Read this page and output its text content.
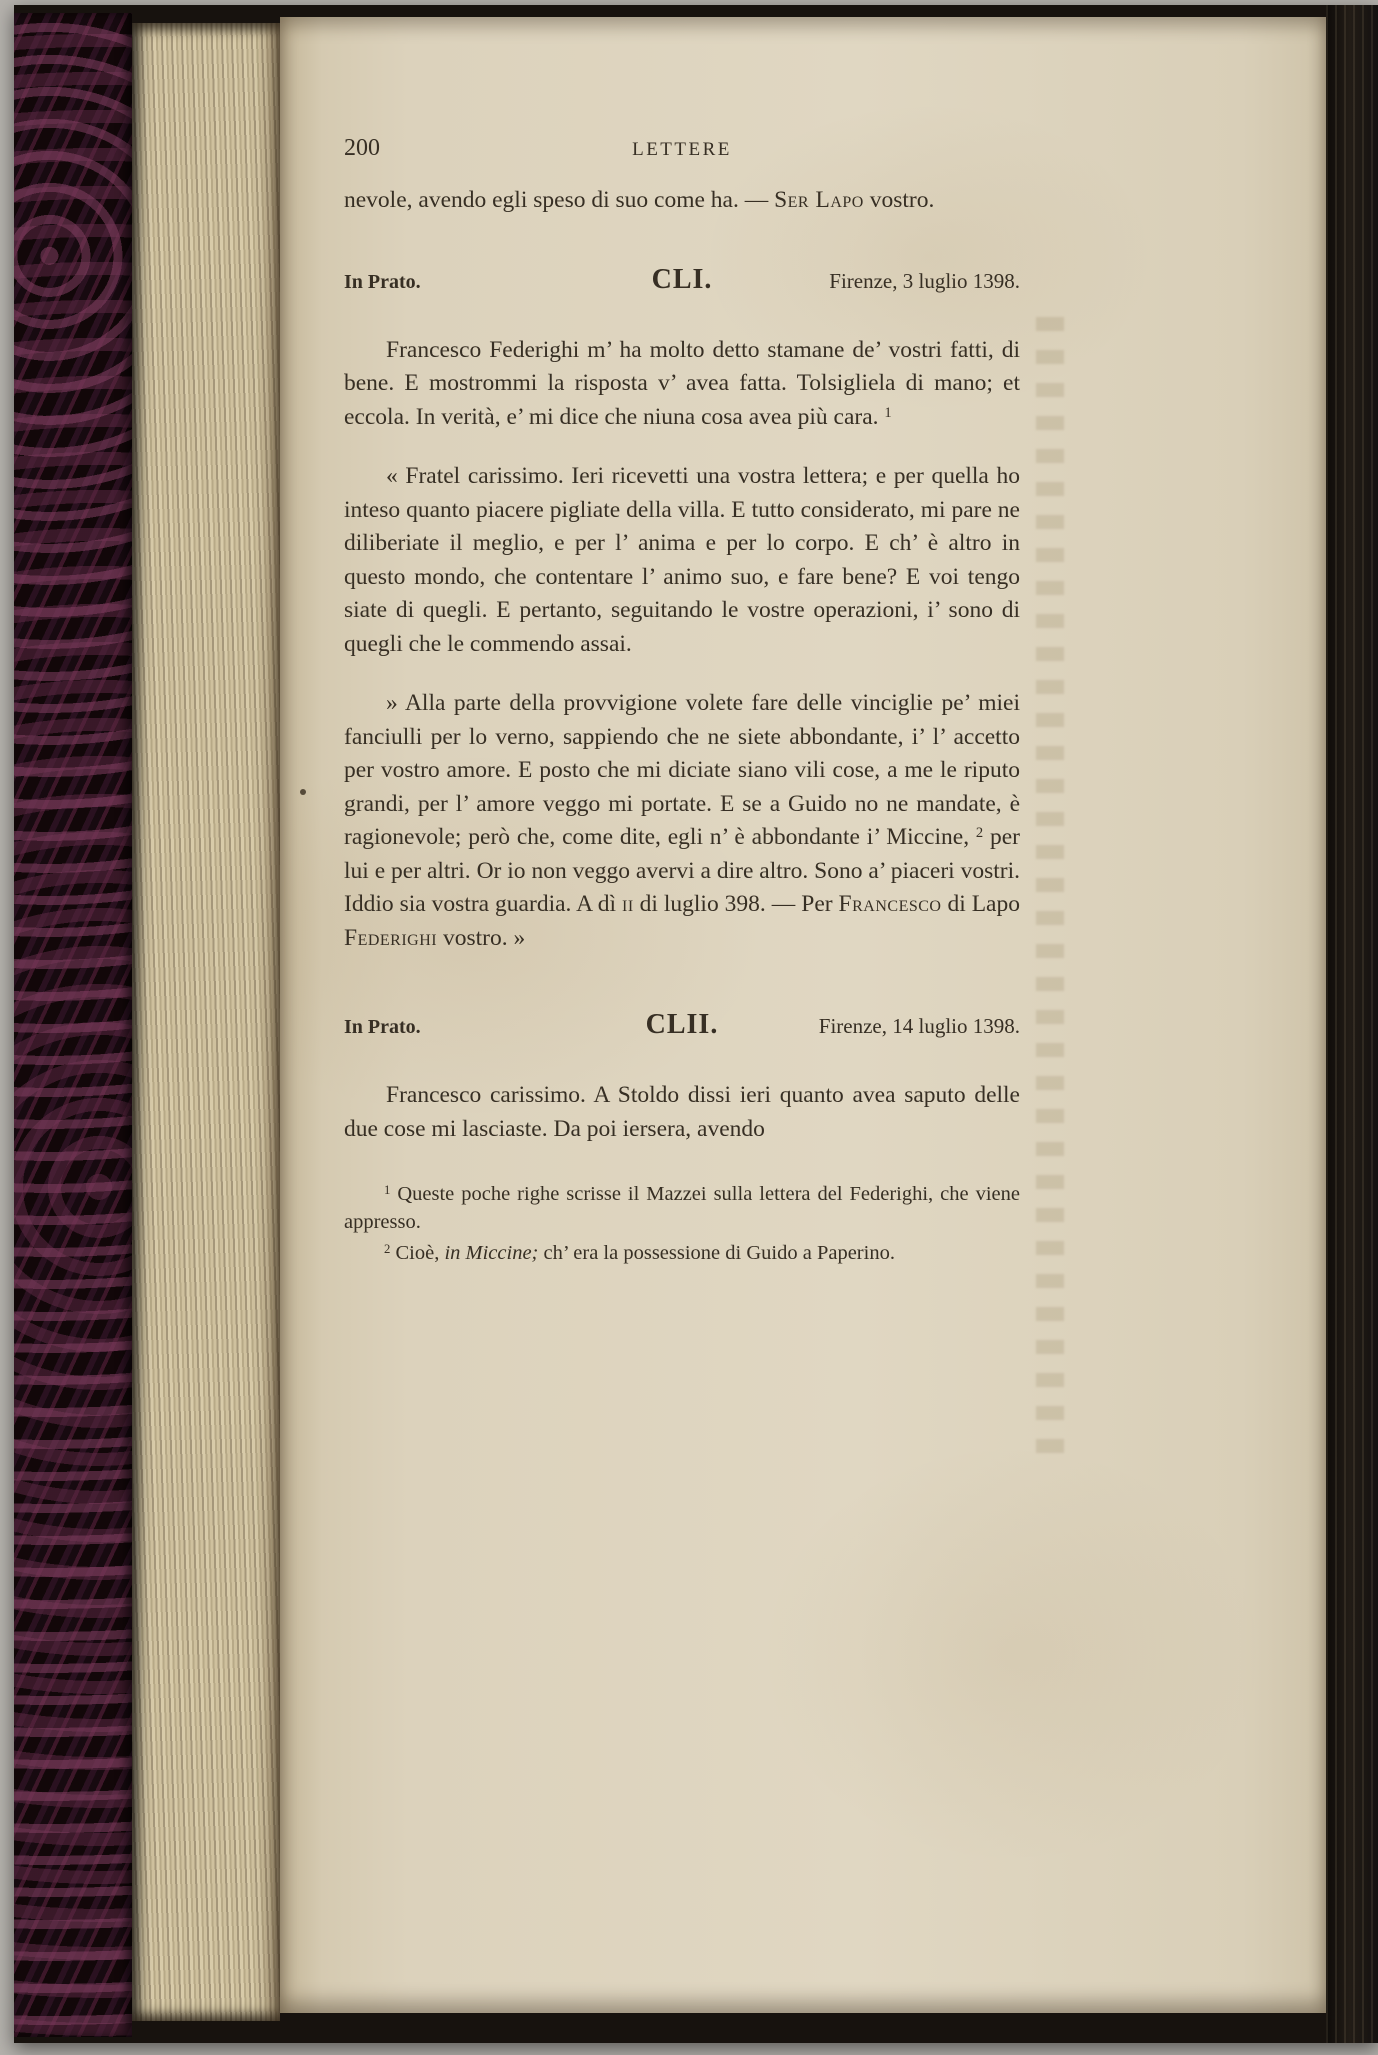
200	LETTERE

nevole, avendo egli speso di suo come ha. — Ser Lapo vostro.

In Prato.	CLI.	Firenze, 3 luglio 1398.

Francesco Federighi m’ ha molto detto stamane de’ vostri fatti, di bene. E mostrommi la risposta v’ avea fatta. Tolsigliela di mano; et eccola. In verità, e’ mi dice che niuna cosa avea più cara. $^1$

« Fratel carissimo. Ieri ricevetti una vostra lettera; e per quella ho inteso quanto piacere pigliate della villa. E tutto considerato, mi pare ne diliberiate il meglio, e per l’ anima e per lo corpo. E ch’ è altro in questo mondo, che contentare l’ animo suo, e fare bene? E voi tengo siate di quegli. E pertanto, seguitando le vostre operazioni, i’ sono di quegli che le commendo assai.

» Alla parte della provvigione volete fare delle vinciglie pe’ miei fanciulli per lo verno, sappiendo che ne siete abbondante, i’ l’ accetto per vostro amore. E posto che mi diciate siano vili cose, a me le riputo grandi, per l’ amore veggo mi portate. E se a Guido no ne mandate, è ragionevole; però che, come dite, egli n’ è abbondante i’ Miccine, $^2$ per lui e per altri. Or io non veggo avervi a dire altro. Sono a’ piaceri vostri. Iddio sia vostra guardia. A dì ii di luglio 398. — Per Francesco di Lapo Federighi vostro. »

In Prato.	CLII.	Firenze, 14 luglio 1398.

Francesco carissimo. A Stoldo dissi ieri quanto avea saputo delle due cose mi lasciaste. Da poi iersera, avendo

$^1$ Queste poche righe scrisse il Mazzei sulla lettera del Federighi, che viene appresso.

$^2$ Cioè, in Miccine; ch’ era la possessione di Guido a Paperino.
